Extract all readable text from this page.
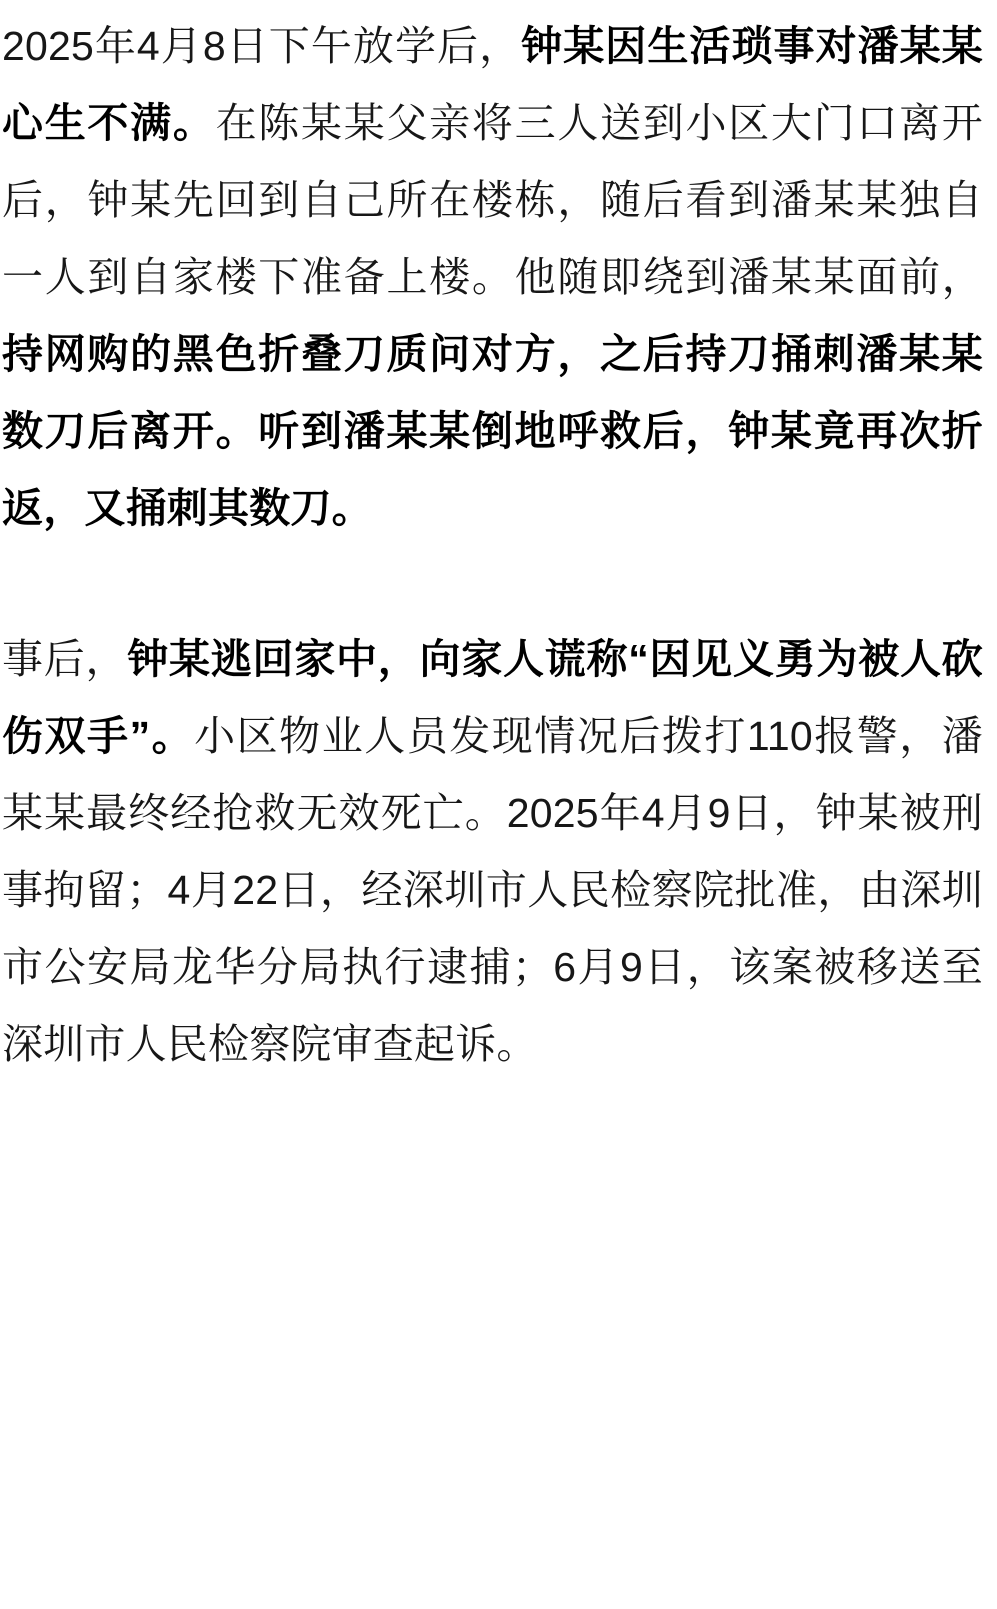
2025年4月8日下午放学后，钟某因生活琐事对潘某某心生不满。在陈某某父亲将三人送到小区大门口离开后，钟某先回到自己所在楼栋，随后看到潘某某独自一人到自家楼下准备上楼。他随即绕到潘某某面前，持网购的黑色折叠刀质问对方，之后持刀捅刺潘某某数刀后离开。听到潘某某倒地呼救后，钟某竟再次折返，又捅刺其数刀。

事后，钟某逃回家中，向家人谎称“因见义勇为被人砍伤双手”。小区物业人员发现情况后拨打110报警，潘某某最终经抢救无效死亡。2025年4月9日，钟某被刑事拘留；4月22日，经深圳市人民检察院批准，由深圳市公安局龙华分局执行逮捕；6月9日，该案被移送至深圳市人民检察院审查起诉。
